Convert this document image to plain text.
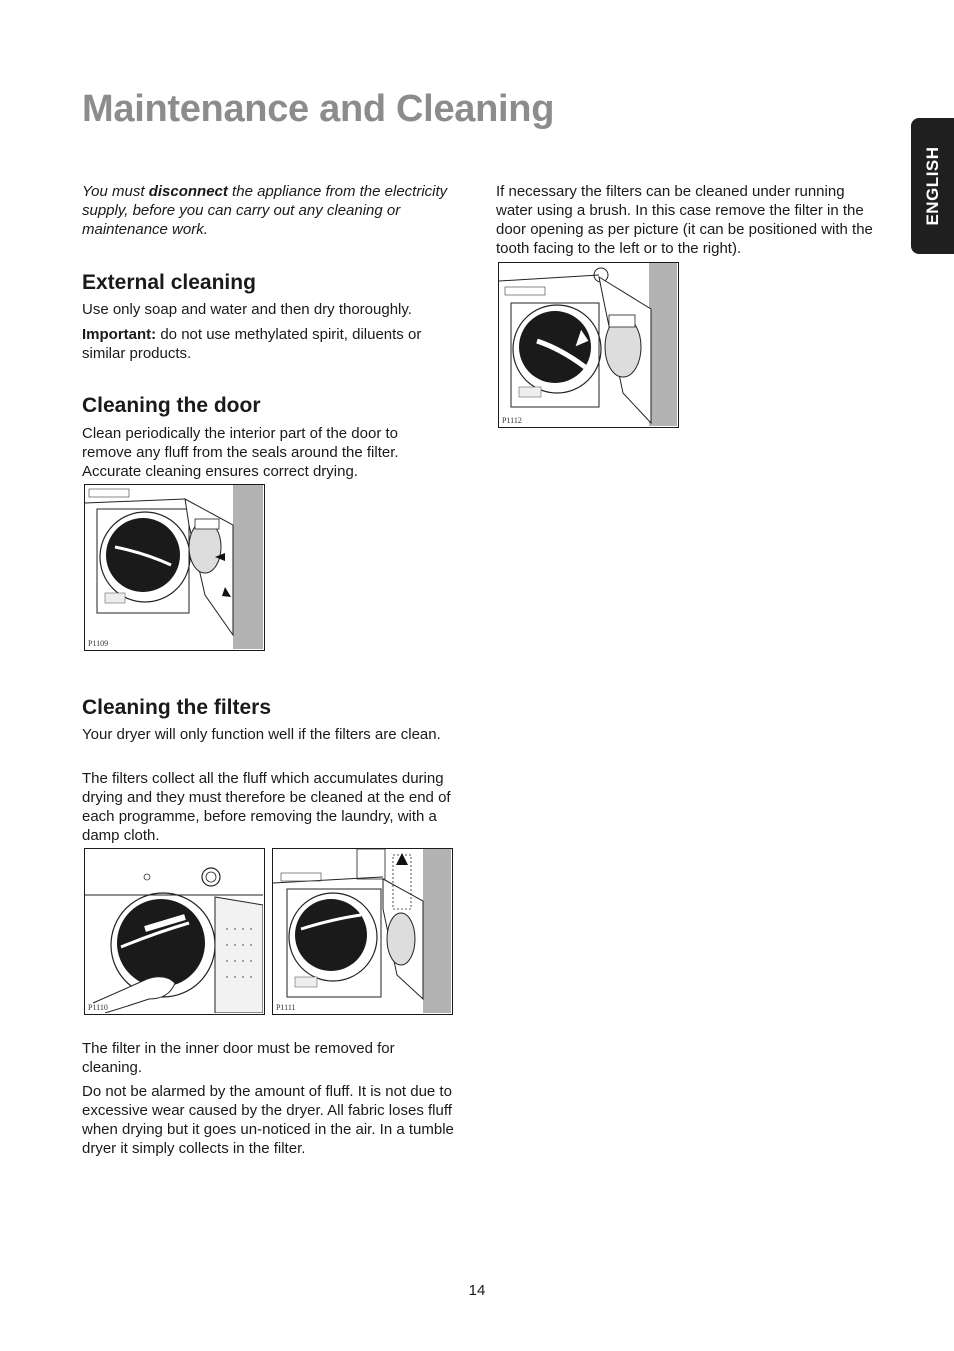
Maintenance and Cleaning
ENGLISH

You must disconnect the appliance from the electricity supply, before you can carry out any cleaning or maintenance work.

External cleaning

Use only soap and water and then dry thoroughly.

Important: do not use methylated spirit, diluents or similar products.

Cleaning the door

Clean periodically the interior part of the door to remove any fluff from the seals around the filter. Accurate cleaning ensures correct drying.

P1109
Cleaning the filters

Your dryer will only function well if the filters are clean.

The filters collect all the fluff which accumulates during drying and they must therefore be cleaned at the end of each programme, before removing the laundry, with a damp cloth.

P1110	P1111

The filter in the inner door must be removed for cleaning.

Do not be alarmed by the amount of fluff. It is not due to excessive wear caused by the dryer. All fabric loses fluff when drying but it goes un-noticed in the air. In a tumble dryer it simply collects in the filter.

If necessary the filters can be cleaned under running water using a brush. In this case remove the filter in the door opening as per picture (it can be positioned with the tooth facing to the left or to the right).

P1112
14
